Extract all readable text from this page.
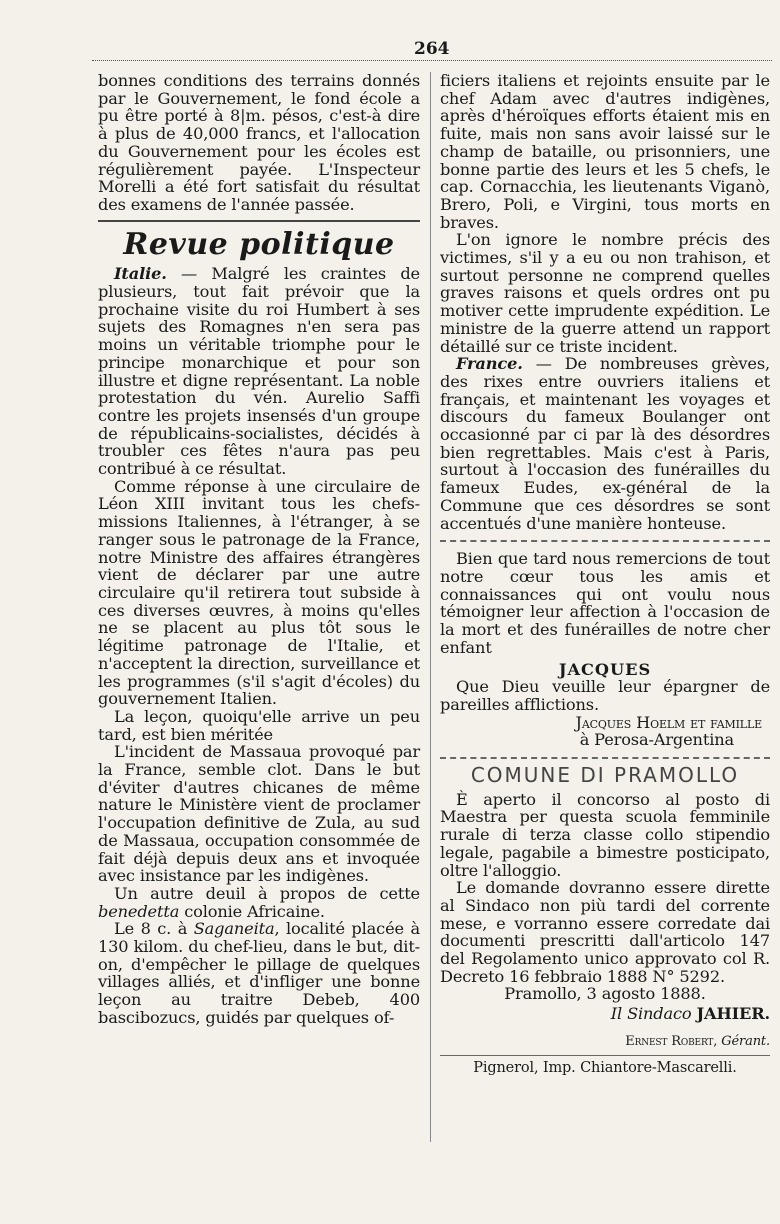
264

bonnes conditions des terrains donnés par le Gouvernement, le fond école a pu être porté à 8|m. pésos, c'est-à dire à plus de 40,000 francs, et l'allocation du Gouvernement pour les écoles est régulièrement payée. L'Inspecteur Morelli a été fort satisfait du résultat des examens de l'année passée.

Revue politique

Italie. — Malgré les craintes de plusieurs, tout fait prévoir que la prochaine visite du roi Humbert à ses sujets des Romagnes n'en sera pas moins un véritable triomphe pour le principe monarchique et pour son illustre et digne représentant. La noble protestation du vén. Aurelio Saffi contre les projets insensés d'un groupe de républicains-socialistes, décidés à troubler ces fêtes n'aura pas peu contribué à ce résultat.

Comme réponse à une circulaire de Léon XIII invitant tous les chefs-missions Italiennes, à l'étranger, à se ranger sous le patronage de la France, notre Ministre des affaires étrangères vient de déclarer par une autre circulaire qu'il retirera tout subside à ces diverses œuvres, à moins qu'elles ne se placent au plus tôt sous le légitime patronage de l'Italie, et n'acceptent la direction, surveillance et les programmes (s'il s'agit d'écoles) du gouvernement Italien.

La leçon, quoiqu'elle arrive un peu tard, est bien méritée

L'incident de Massaua provoqué par la France, semble clot. Dans le but d'éviter d'autres chicanes de même nature le Ministère vient de proclamer l'occupation definitive de Zula, au sud de Massaua, occupation consommée de fait déjà depuis deux ans et invoquée avec insistance par les indigènes.

Un autre deuil à propos de cette benedetta colonie Africaine.

Le 8 c. à Saganeita, localité placée à 130 kilom. du chef-lieu, dans le but, dit-on, d'empêcher le pillage de quelques villages alliés, et d'infliger une bonne leçon au traitre Debeb, 400 bascibozucs, guidés par quelques of-

ficiers italiens et rejoints ensuite par le chef Adam avec d'autres indigènes, après d'héroïques efforts étaient mis en fuite, mais non sans avoir laissé sur le champ de bataille, ou prisonniers, une bonne partie des leurs et les 5 chefs, le cap. Cornacchia, les lieutenants Viganò, Brero, Poli, e Virgini, tous morts en braves.

L'on ignore le nombre précis des victimes, s'il y a eu ou non trahison, et surtout personne ne comprend quelles graves raisons et quels ordres ont pu motiver cette imprudente expédition. Le ministre de la guerre attend un rapport détaillé sur ce triste incident.

France. — De nombreuses grèves, des rixes entre ouvriers italiens et français, et maintenant les voyages et discours du fameux Boulanger ont occasionné par ci par là des désordres bien regrettables. Mais c'est à Paris, surtout à l'occasion des funérailles du fameux Eudes, ex-général de la Commune que ces désordres se sont accentués d'une manière honteuse.

Bien que tard nous remercions de tout notre cœur tous les amis et connaissances qui ont voulu nous témoigner leur affection à l'occasion de la mort et des funérailles de notre cher enfant

JACQUES

Que Dieu veuille leur épargner de pareilles afflictions.

Jacques Hoelm et famille
à Perosa-Argentina
COMUNE DI PRAMOLLO

È aperto il concorso al posto di Maestra per questa scuola femminile rurale di terza classe collo stipendio legale, pagabile a bimestre posticipato, oltre l'alloggio.

Le domande dovranno essere dirette al Sindaco non più tardi del corrente mese, e vorranno essere corredate dai documenti prescritti dall'articolo 147 del Regolamento unico approvato col R. Decreto 16 febbraio 1888 N° 5292.

Pramollo, 3 agosto 1888.
Il Sindaco JAHIER.
Ernest Robert, Gérant.
Pignerol, Imp. Chiantore-Mascarelli.
